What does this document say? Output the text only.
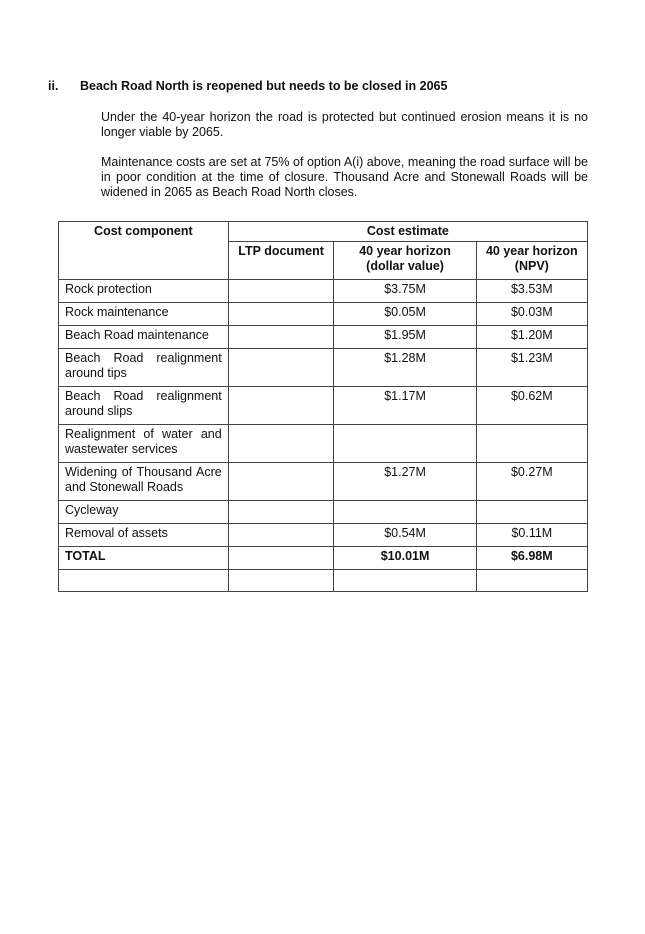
ii. Beach Road North is reopened but needs to be closed in 2065
Under the 40-year horizon the road is protected but continued erosion means it is no longer viable by 2065.
Maintenance costs are set at 75% of option A(i) above, meaning the road surface will be in poor condition at the time of closure. Thousand Acre and Stonewall Roads will be widened in 2065 as Beach Road North closes.
Cost component	Cost estimate		
	LTP document	40 year horizon (dollar value)	40 year horizon (NPV)
Rock protection		$3.75M	$3.53M
Rock maintenance		$0.05M	$0.03M
Beach Road maintenance		$1.95M	$1.20M
Beach Road realignment around tips		$1.28M	$1.23M
Beach Road realignment around slips		$1.17M	$0.62M
Realignment of water and wastewater services			
Widening of Thousand Acre and Stonewall Roads		$1.27M	$0.27M
Cycleway			
Removal of assets		$0.54M	$0.11M
TOTAL		$10.01M	$6.98M
